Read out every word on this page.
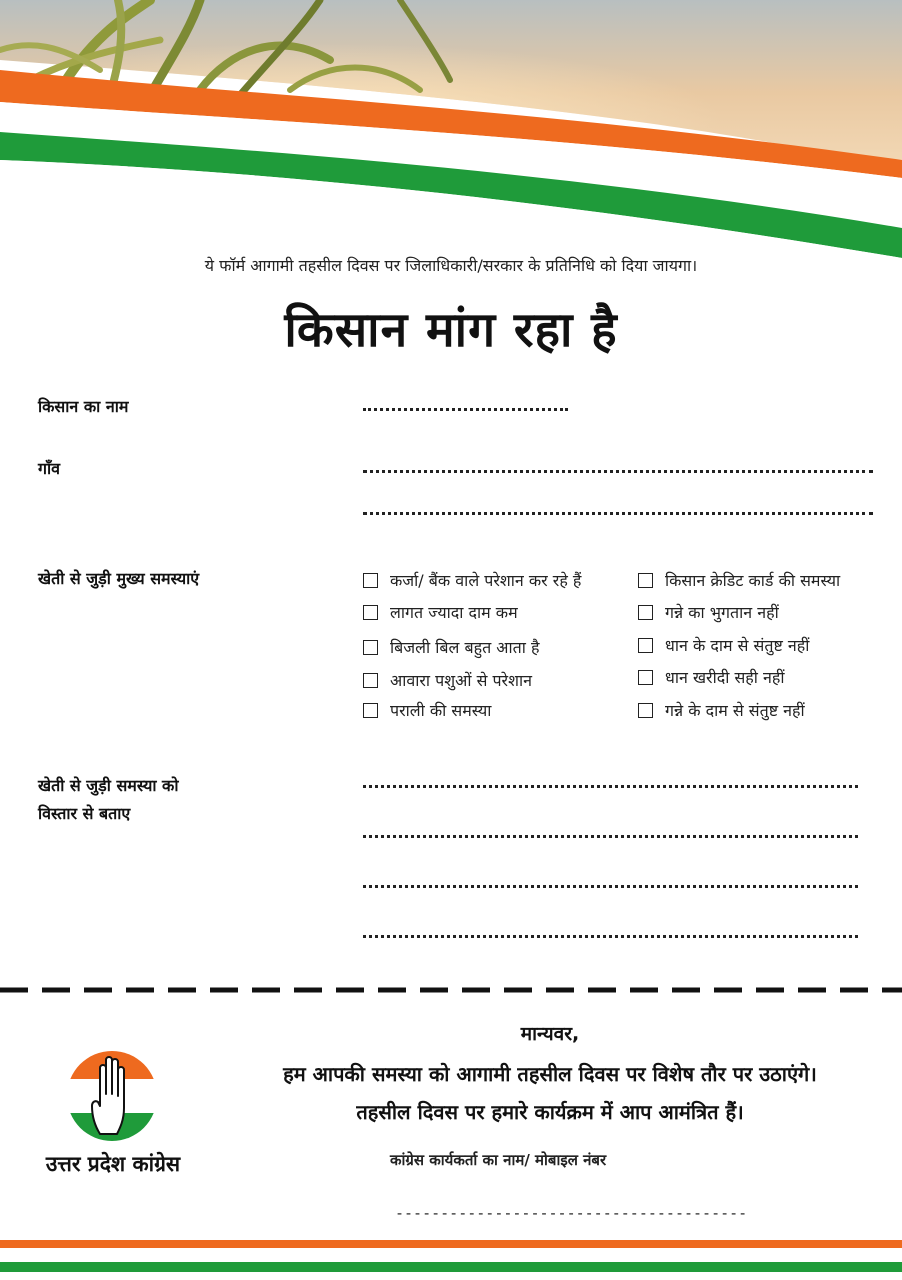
ये फॉर्म आगामी तहसील दिवस पर जिलाधिकारी/सरकार के प्रतिनिधि को दिया जायगा।
किसान मांग रहा है
किसान का नाम
गाँव
खेती से जुड़ी मुख्य समस्याएं	कर्जा/ बैंक वाले परेशान कर रहे हैं
लागत ज्यादा दाम कम
बिजली बिल बहुत आता है
आवारा पशुओं से परेशान
पराली की समस्या
किसान क्रेडिट कार्ड की समस्या
गन्ने का भुगतान नहीं
धान के दाम से संतुष्ट नहीं
धान खरीदी सही नहीं
गन्ने के दाम से संतुष्ट नहीं
खेती से जुड़ी समस्या को
विस्तार से बताए
मान्यवर,
हम आपकी समस्या को आगामी तहसील दिवस पर विशेष तौर पर उठाएंगे।
तहसील दिवस पर हमारे कार्यक्रम में आप आमंत्रित हैं।
उत्तर प्रदेश कांग्रेस	कांग्रेस कार्यकर्ता का नाम/ मोबाइल नंबर
---------------------------------------
